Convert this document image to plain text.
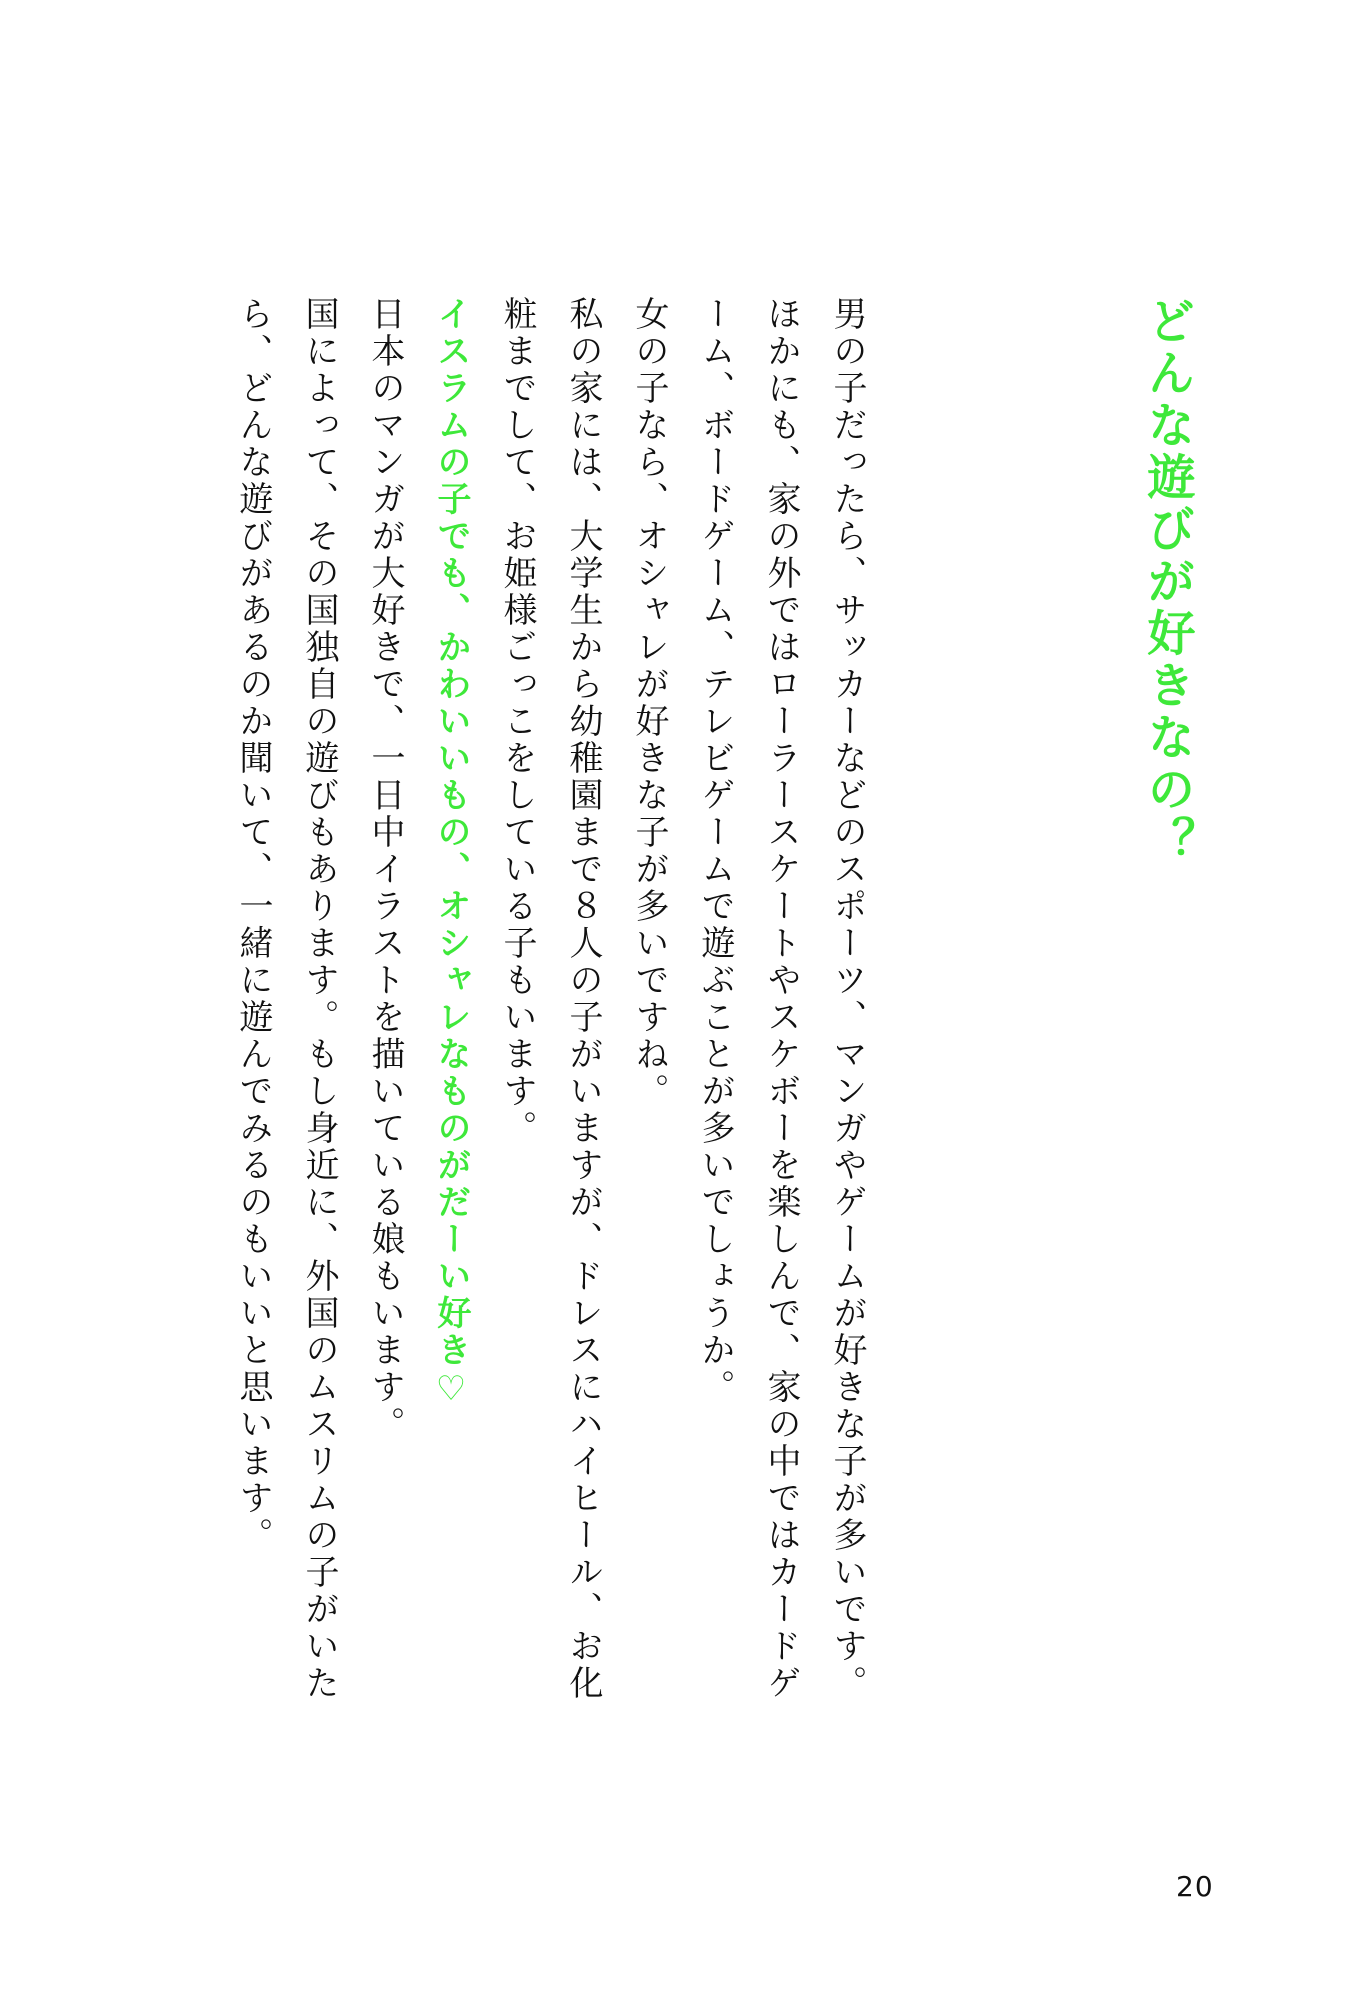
どんな遊びが好きなの？

男の子だったら、サッカーなどのスポーツ、マンガやゲームが好きな子が多いです。ほかにも、家の外ではローラースケートやスケボーを楽しんで、家の中ではカードゲーム、ボードゲーム、テレビゲームで遊ぶことが多いでしょうか。

女の子なら、オシャレが好きな子が多いですね。

私の家には、大学生から幼稚園まで８人の子がいますが、ドレスにハイヒール、お化粧までして、お姫様ごっこをしている子もいます。

イスラムの子でも、かわいいもの、オシャレなものがだーい好き♡

日本のマンガが大好きで、一日中イラストを描いている娘もいます。

国によって、その国独自の遊びもあります。もし身近に、外国のムスリムの子がいたら、どんな遊びがあるのか聞いて、一緒に遊んでみるのもいいと思います。

20
